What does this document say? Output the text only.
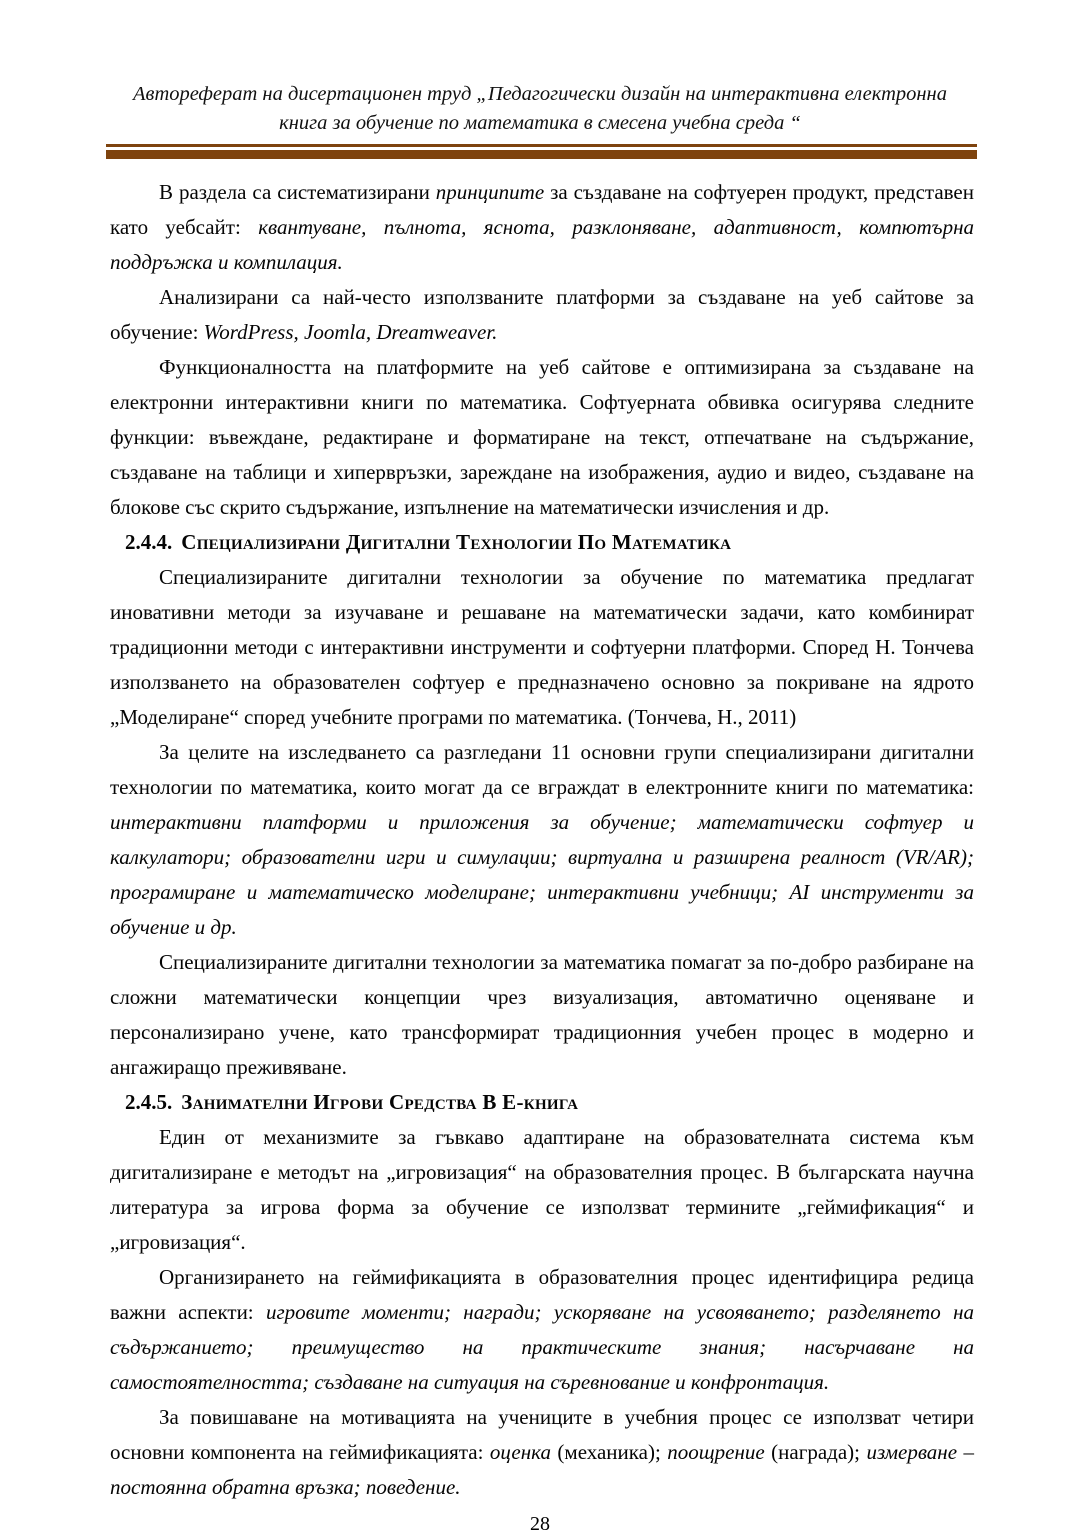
Автореферат на дисертационен труд „Педагогически дизайн на интерактивна електронна
книга за обучение по математика в смесена учебна среда “

В раздела са систематизирани принципите за създаване на софтуерен продукт, представен като уебсайт: квантуване, пълнота, яснота, разклоняване, адаптивност, компютърна поддръжка и компилация.

Анализирани са най-често използваните платформи за създаване на уеб сайтове за обучение: WordPress, Joomla, Dreamweaver.

Функционалността на платформите на уеб сайтове е оптимизирана за създаване на електронни интерактивни книги по математика. Софтуерната обвивка осигурява следните функции: въвеждане, редактиране и форматиране на текст, отпечатване на съдържание, създаване на таблици и хипервръзки, зареждане на изображения, аудио и видео, създаване на блокове със скрито съдържание, изпълнение на математически изчисления и др.

2.4.4. Специализирани Дигитални Технологии По Математика

Специализираните дигитални технологии за обучение по математика предлагат иновативни методи за изучаване и решаване на математически задачи, като комбинират традиционни методи с интерактивни инструменти и софтуерни платформи. Според Н. Тончева използването на образователен софтуер е предназначено основно за покриване на ядрото „Моделиране“ според учебните програми по математика. (Тончева, Н., 2011)

За целите на изследването са разгледани 11 основни групи специализирани дигитални технологии по математика, които могат да се вграждат в електронните книги по математика: интерактивни платформи и приложения за обучение; математически софтуер и калкулатори; образователни игри и симулации; виртуална и разширена реалност (VR/AR); програмиране и математическо моделиране; интерактивни учебници; AI инструменти за обучение и др.

Специализираните дигитални технологии за математика помагат за по-добро разбиране на сложни математически концепции чрез визуализация, автоматично оценяване и персонализирано учене, като трансформират традиционния учебен процес в модерно и ангажиращо преживяване.

2.4.5. Занимателни Игрови Средства В Е-книга

Един от механизмите за гъвкаво адаптиране на образователната система към дигитализиране е методът на „игровизация“ на образователния процес. В българската научна литература за игрова форма за обучение се използват термините „геймификация“ и „игровизация“.

Организирането на геймификацията в образователния процес идентифицира редица важни аспекти: игровите моменти; награди; ускоряване на усвояването; разделянето на съдържанието; преимущество на практическите знания; насърчаване на самостоятелността; създаване на ситуация на съревнование и конфронтация.

За повишаване на мотивацията на учениците в учебния процес се използват четири основни компонента на геймификацията: оценка (механика); поощрение (награда); измерване – постоянна обратна връзка; поведение.

28
